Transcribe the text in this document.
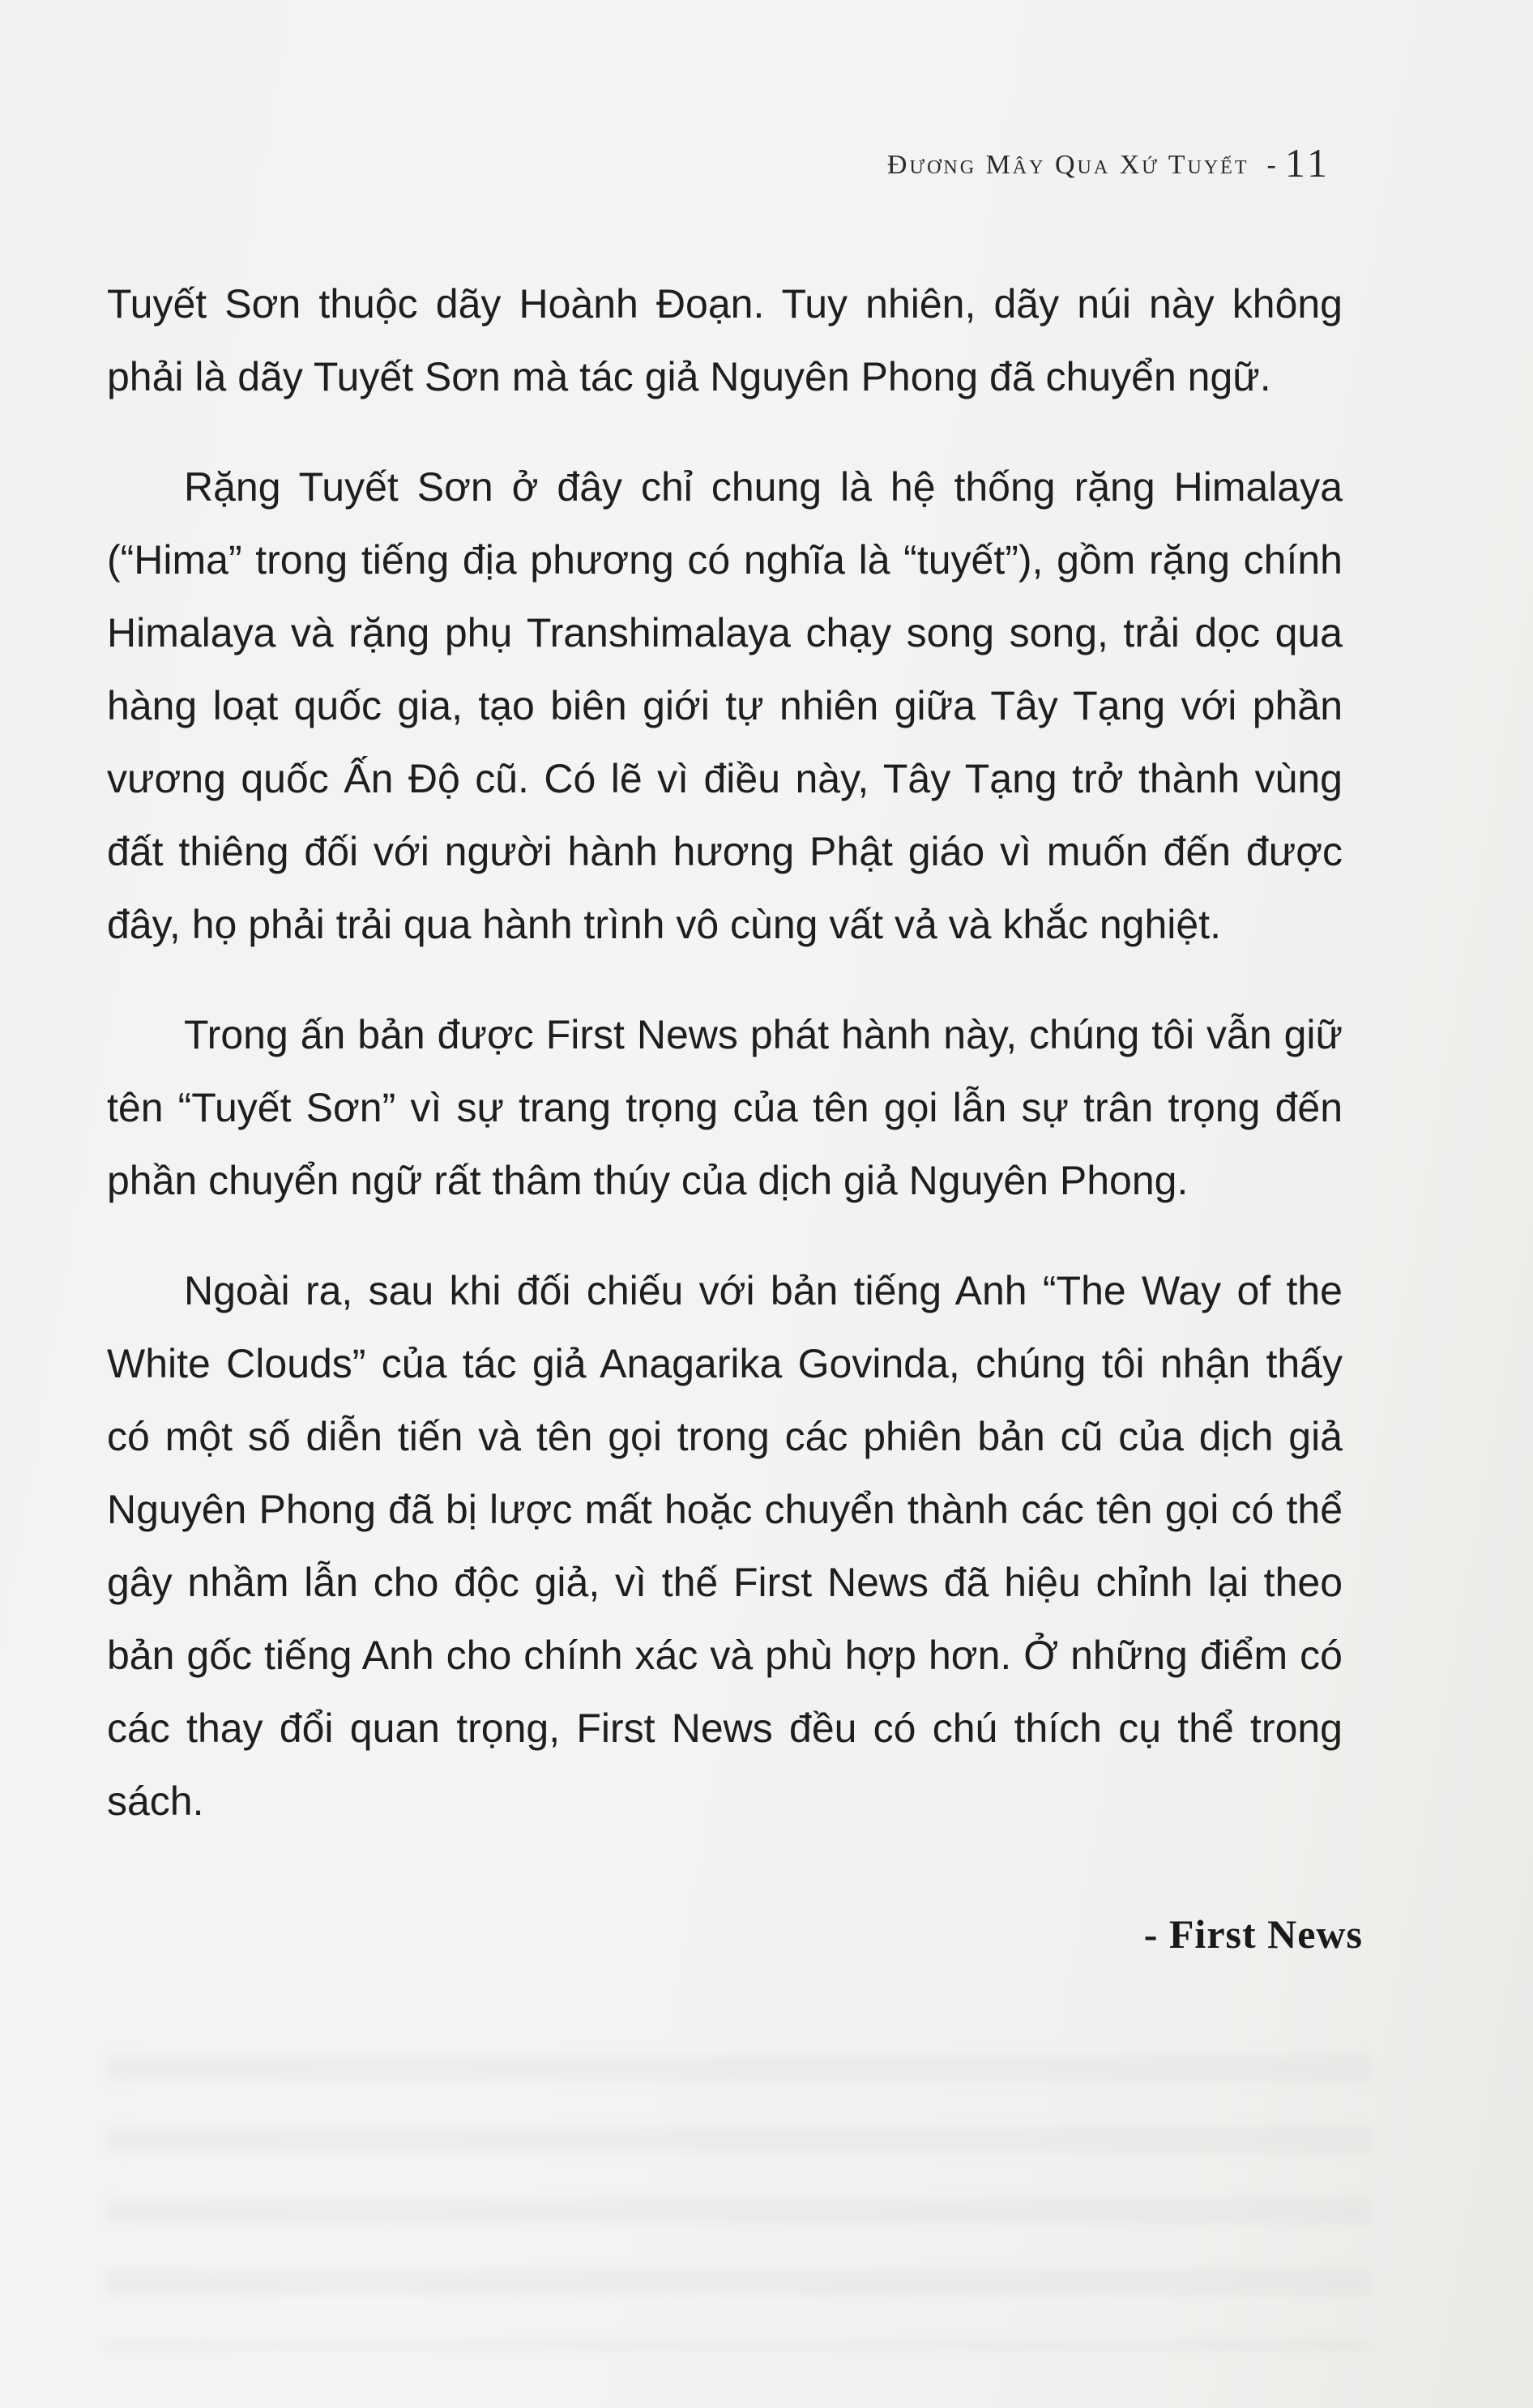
Đương Mây Qua Xứ Tuyết - 11

Tuyết Sơn thuộc dãy Hoành Đoạn. Tuy nhiên, dãy núi này không phải là dãy Tuyết Sơn mà tác giả Nguyên Phong đã chuyển ngữ.

Rặng Tuyết Sơn ở đây chỉ chung là hệ thống rặng Himalaya (“Hima” trong tiếng địa phương có nghĩa là “tuyết”), gồm rặng chính Himalaya và rặng phụ Transhimalaya chạy song song, trải dọc qua hàng loạt quốc gia, tạo biên giới tự nhiên giữa Tây Tạng với phần vương quốc Ấn Độ cũ. Có lẽ vì điều này, Tây Tạng trở thành vùng đất thiêng đối với người hành hương Phật giáo vì muốn đến được đây, họ phải trải qua hành trình vô cùng vất vả và khắc nghiệt.

Trong ấn bản được First News phát hành này, chúng tôi vẫn giữ tên “Tuyết Sơn” vì sự trang trọng của tên gọi lẫn sự trân trọng đến phần chuyển ngữ rất thâm thúy của dịch giả Nguyên Phong.

Ngoài ra, sau khi đối chiếu với bản tiếng Anh “The Way of the White Clouds” của tác giả Anagarika Govinda, chúng tôi nhận thấy có một số diễn tiến và tên gọi trong các phiên bản cũ của dịch giả Nguyên Phong đã bị lược mất hoặc chuyển thành các tên gọi có thể gây nhầm lẫn cho độc giả, vì thế First News đã hiệu chỉnh lại theo bản gốc tiếng Anh cho chính xác và phù hợp hơn. Ở những điểm có các thay đổi quan trọng, First News đều có chú thích cụ thể trong sách.

- First News
